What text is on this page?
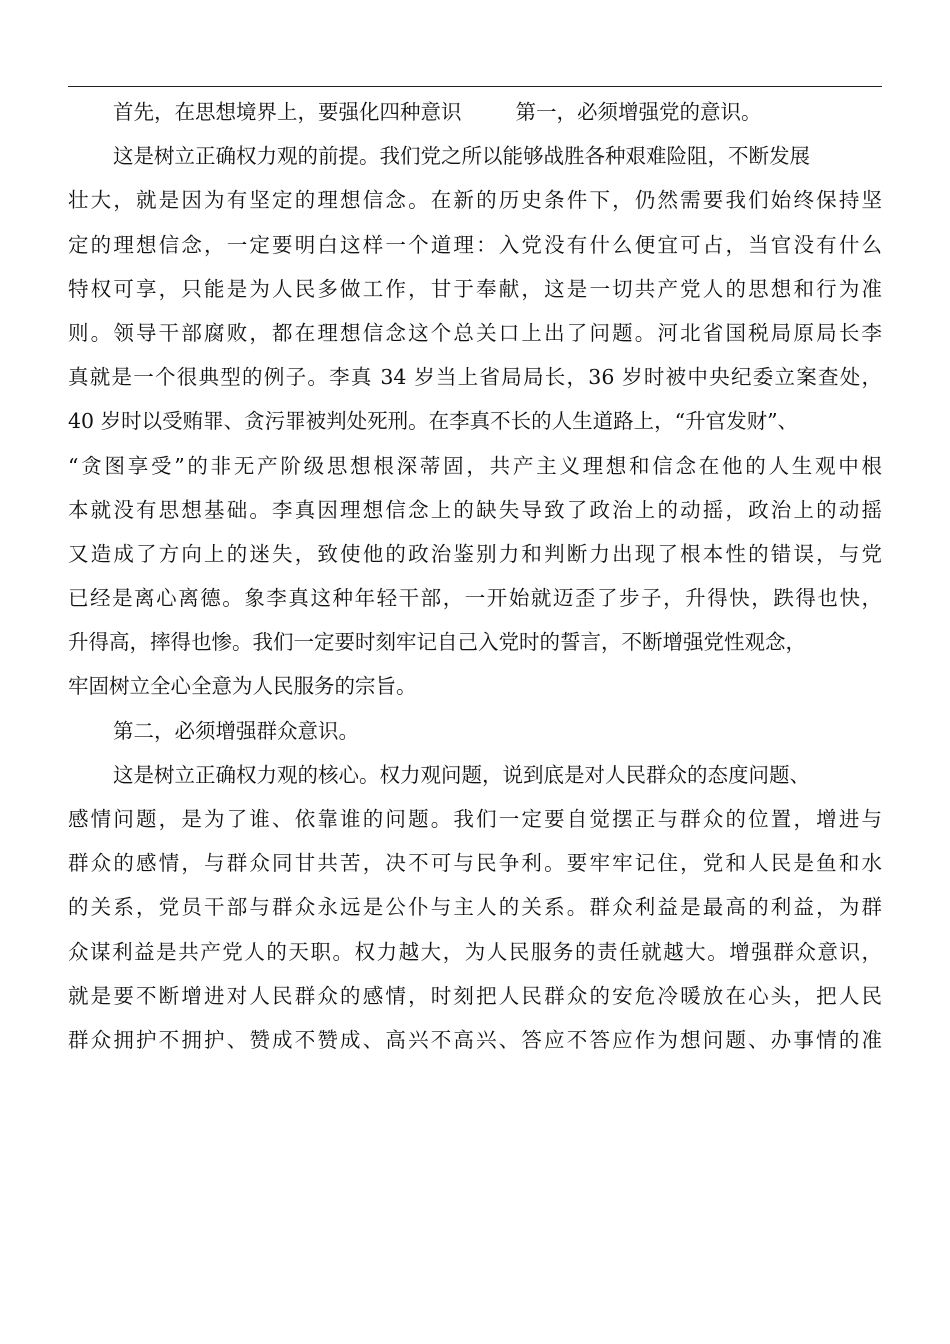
首先，在思想境界上，要强化四种意识	第一，必须增强党的意识。
这是树立正确权力观的前提。我们党之所以能够战胜各种艰难险阻，不断发展
壮大，就是因为有坚定的理想信念。在新的历史条件下，仍然需要我们始终保持坚
定的理想信念，一定要明白这样一个道理：入党没有什么便宜可占，当官没有什么
特权可享，只能是为人民多做工作，甘于奉献，这是一切共产党人的思想和行为准
则。领导干部腐败，都在理想信念这个总关口上出了问题。河北省国税局原局长李
真就是一个很典型的例子。李真 34 岁当上省局局长，36 岁时被中央纪委立案查处，
40 岁时以受贿罪、贪污罪被判处死刑。在李真不长的人生道路上，“升官发财”、
“贪图享受”的非无产阶级思想根深蒂固，共产主义理想和信念在他的人生观中根
本就没有思想基础。李真因理想信念上的缺失导致了政治上的动摇，政治上的动摇
又造成了方向上的迷失，致使他的政治鉴别力和判断力出现了根本性的错误，与党
已经是离心离德。象李真这种年轻干部，一开始就迈歪了步子，升得快，跌得也快，
升得高，摔得也惨。我们一定要时刻牢记自己入党时的誓言，不断增强党性观念，
牢固树立全心全意为人民服务的宗旨。
第二，必须增强群众意识。
这是树立正确权力观的核心。权力观问题，说到底是对人民群众的态度问题、
感情问题，是为了谁、依靠谁的问题。我们一定要自觉摆正与群众的位置，增进与
群众的感情，与群众同甘共苦，决不可与民争利。要牢牢记住，党和人民是鱼和水
的关系，党员干部与群众永远是公仆与主人的关系。群众利益是最高的利益，为群
众谋利益是共产党人的天职。权力越大，为人民服务的责任就越大。增强群众意识，
就是要不断增进对人民群众的感情，时刻把人民群众的安危冷暖放在心头，把人民
群众拥护不拥护、赞成不赞成、高兴不高兴、答应不答应作为想问题、办事情的准
